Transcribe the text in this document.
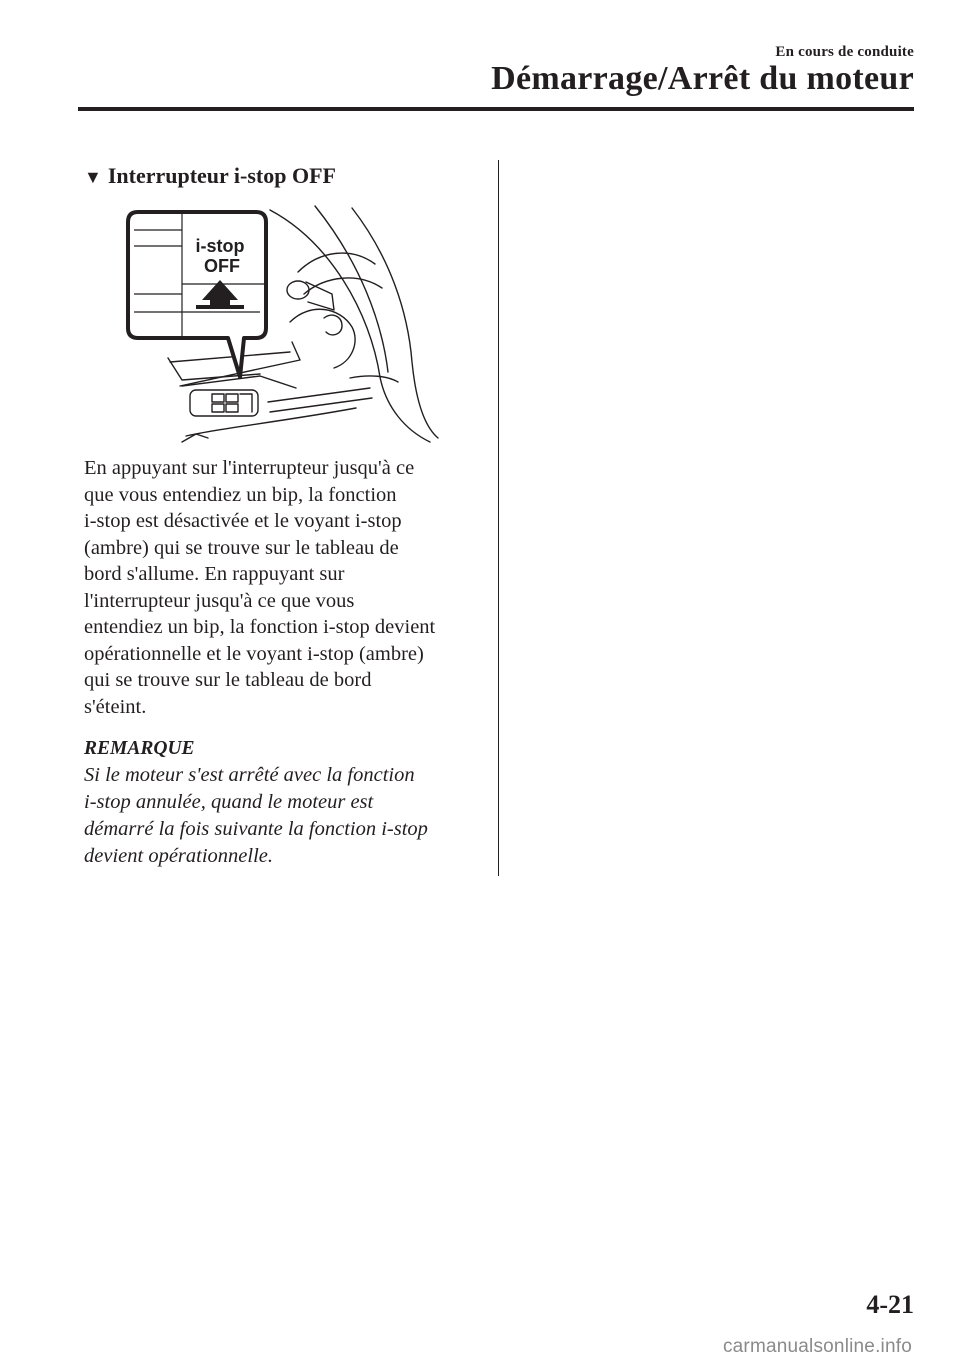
En cours de conduite
Démarrage/Arrêt du moteur
▼ Interrupteur i-stop OFF
i-stop
OFF
En appuyant sur l'interrupteur jusqu'à ce
que vous entendiez un bip, la fonction
i-stop est désactivée et le voyant i-stop
(ambre) qui se trouve sur le tableau de
bord s'allume. En rappuyant sur
l'interrupteur jusqu'à ce que vous
entendiez un bip, la fonction i-stop devient
opérationnelle et le voyant i-stop (ambre)
qui se trouve sur le tableau de bord
s'éteint.
REMARQUE
Si le moteur s'est arrêté avec la fonction
i-stop annulée, quand le moteur est
démarré la fois suivante la fonction i-stop
devient opérationnelle.
4-21
carmanualsonline.info
